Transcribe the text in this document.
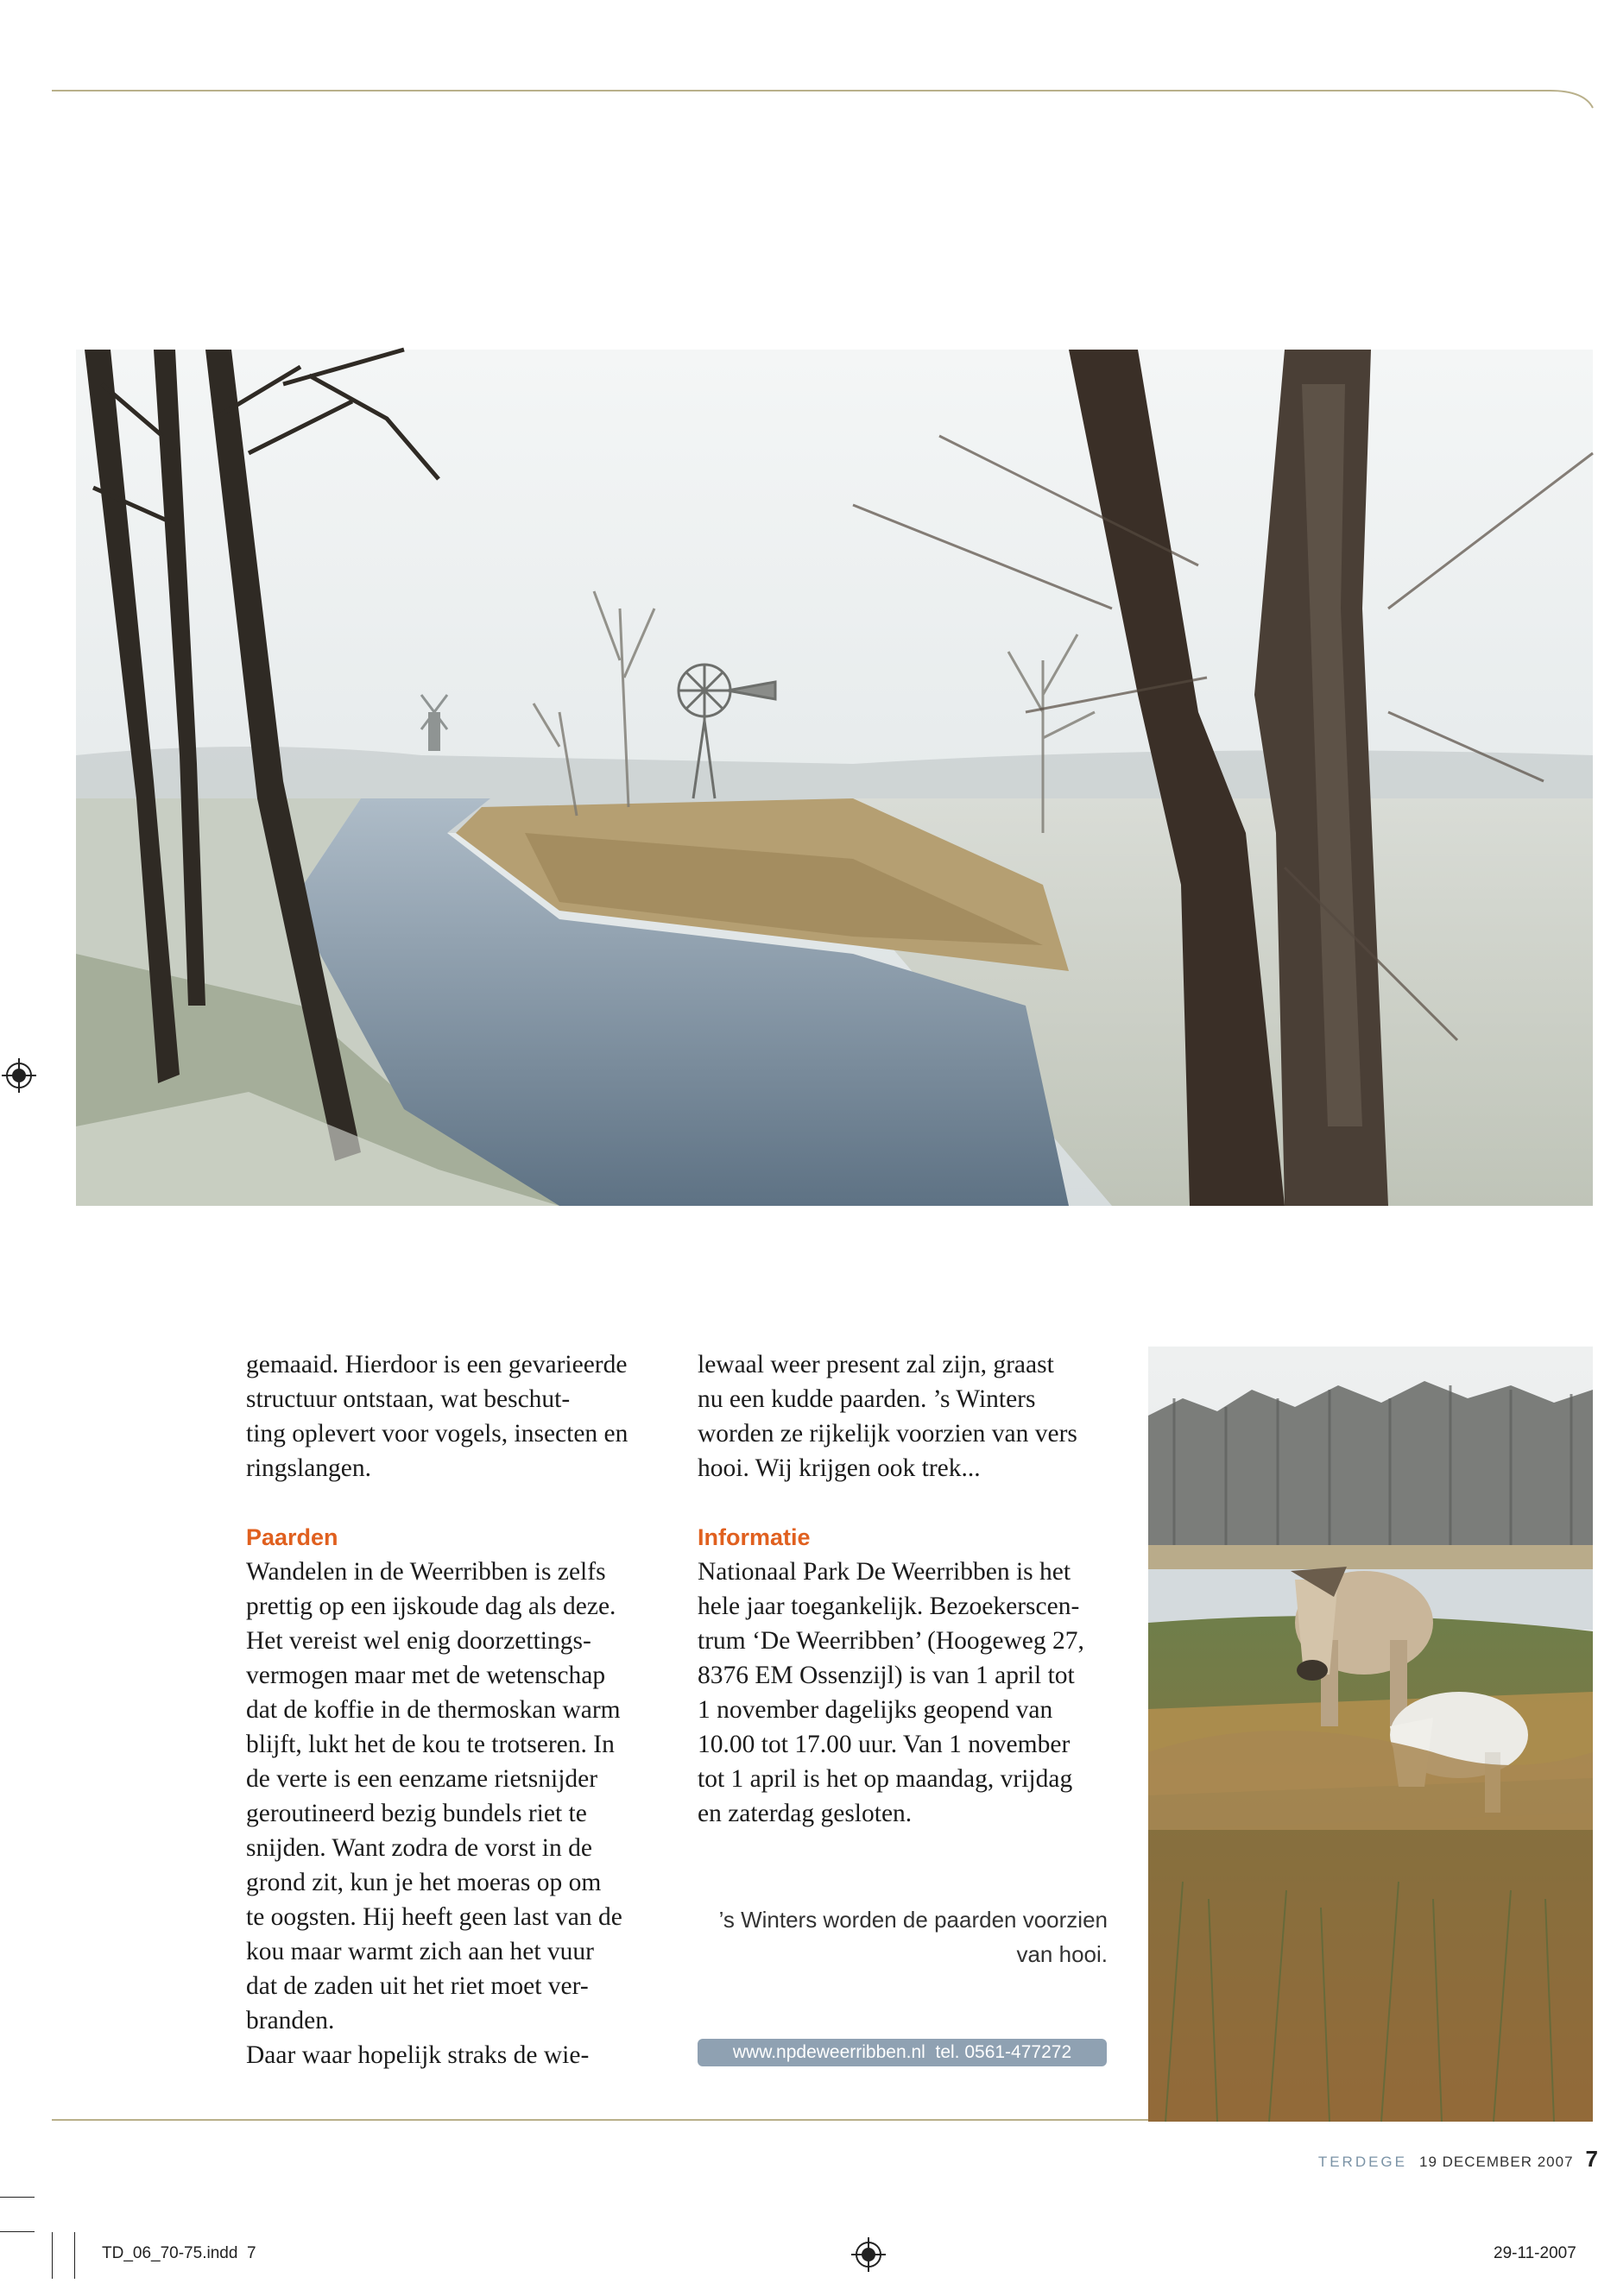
gemaaid. Hierdoor is een gevarieerde
structuur ontstaan, wat beschut-
ting oplevert voor vogels, insecten en
ringslangen.
Paarden
Wandelen in de Weerribben is zelfs
prettig op een ijskoude dag als deze.
Het vereist wel enig doorzettings-
vermogen maar met de wetenschap
dat de koffie in de thermoskan warm
blijft, lukt het de kou te trotseren. In
de verte is een eenzame rietsnijder
geroutineerd bezig bundels riet te
snijden. Want zodra de vorst in de
grond zit, kun je het moeras op om
te oogsten. Hij heeft geen last van de
kou maar warmt zich aan het vuur
dat de zaden uit het riet moet ver-
branden.
Daar waar hopelijk straks de wie-
lewaal weer present zal zijn, graast
nu een kudde paarden. ’s Winters
worden ze rijkelijk voorzien van vers
hooi. Wij krijgen ook trek...
Informatie
Nationaal Park De Weerribben is het
hele jaar toegankelijk. Bezoekerscen-
trum ‘De Weerribben’ (Hoogeweg 27,
8376 EM Ossenzijl) is van 1 april tot
1 november dagelijks geopend van
10.00 tot 17.00 uur. Van 1 november
tot 1 april is het op maandag, vrijdag
en zaterdag gesloten.
’s Winters worden de paarden voorzien
van hooi.
www.npdeweerribben.nl  tel. 0561-477272
TERDEGE 19 DECEMBER 2007 7
TD_06_70-75.indd  7	29-11-2007
